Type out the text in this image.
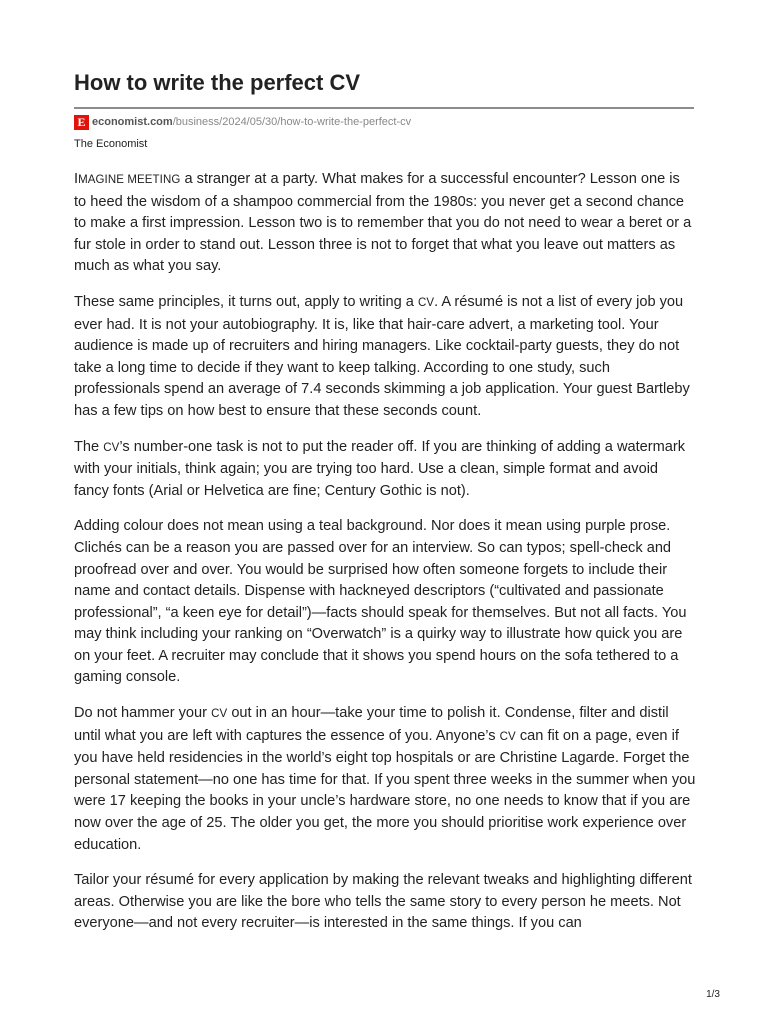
How to write the perfect CV
E economist.com/business/2024/05/30/how-to-write-the-perfect-cv
The Economist

IMAGINE MEETING a stranger at a party. What makes for a successful encounter? Lesson one is to heed the wisdom of a shampoo commercial from the 1980s: you never get a second chance to make a first impression. Lesson two is to remember that you do not need to wear a beret or a fur stole in order to stand out. Lesson three is not to forget that what you leave out matters as much as what you say.

These same principles, it turns out, apply to writing a CV. A résumé is not a list of every job you ever had. It is not your autobiography. It is, like that hair-care advert, a marketing tool. Your audience is made up of recruiters and hiring managers. Like cocktail-party guests, they do not take a long time to decide if they want to keep talking. According to one study, such professionals spend an average of 7.4 seconds skimming a job application. Your guest Bartleby has a few tips on how best to ensure that these seconds count.

The CV’s number-one task is not to put the reader off. If you are thinking of adding a watermark with your initials, think again; you are trying too hard. Use a clean, simple format and avoid fancy fonts (Arial or Helvetica are fine; Century Gothic is not).

Adding colour does not mean using a teal background. Nor does it mean using purple prose. Clichés can be a reason you are passed over for an interview. So can typos; spell-check and proofread over and over. You would be surprised how often someone forgets to include their name and contact details. Dispense with hackneyed descriptors (“cultivated and passionate professional”, “a keen eye for detail”)—facts should speak for themselves. But not all facts. You may think including your ranking on “Overwatch” is a quirky way to illustrate how quick you are on your feet. A recruiter may conclude that it shows you spend hours on the sofa tethered to a gaming console.

Do not hammer your CV out in an hour—take your time to polish it. Condense, filter and distil until what you are left with captures the essence of you. Anyone’s CV can fit on a page, even if you have held residencies in the world’s eight top hospitals or are Christine Lagarde. Forget the personal statement—no one has time for that. If you spent three weeks in the summer when you were 17 keeping the books in your uncle’s hardware store, no one needs to know that if you are now over the age of 25. The older you get, the more you should prioritise work experience over education.

Tailor your résumé for every application by making the relevant tweaks and highlighting different areas. Otherwise you are like the bore who tells the same story to every person he meets. Not everyone—and not every recruiter—is interested in the same things. If you can

1/3
